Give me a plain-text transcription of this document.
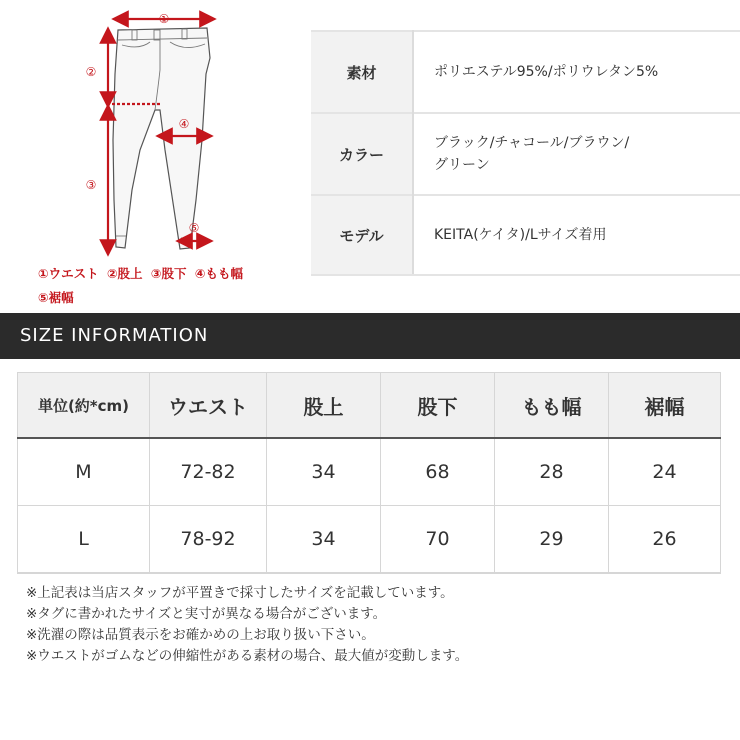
①
②
③
④
⑤
①ウエスト ②股上 ③股下 ④もも幅
⑤裾幅
素材	ポリエステル95%/ポリウレタン5%
カラー	ブラック/チャコール/ブラウン/
グリーン
モデル	KEITA(ケイタ)/Lサイズ着用
SIZE INFORMATION
単位(約*cm)	ウエスト	股上	股下	もも幅	裾幅
M	72-82	34	68	28	24
L	78-92	34	70	29	26
※上記表は当店スタッフが平置きで採寸したサイズを記載しています。
※タグに書かれたサイズと実寸が異なる場合がございます。
※洗濯の際は品質表示をお確かめの上お取り扱い下さい。
※ウエストがゴムなどの伸縮性がある素材の場合、最大値が変動します。
